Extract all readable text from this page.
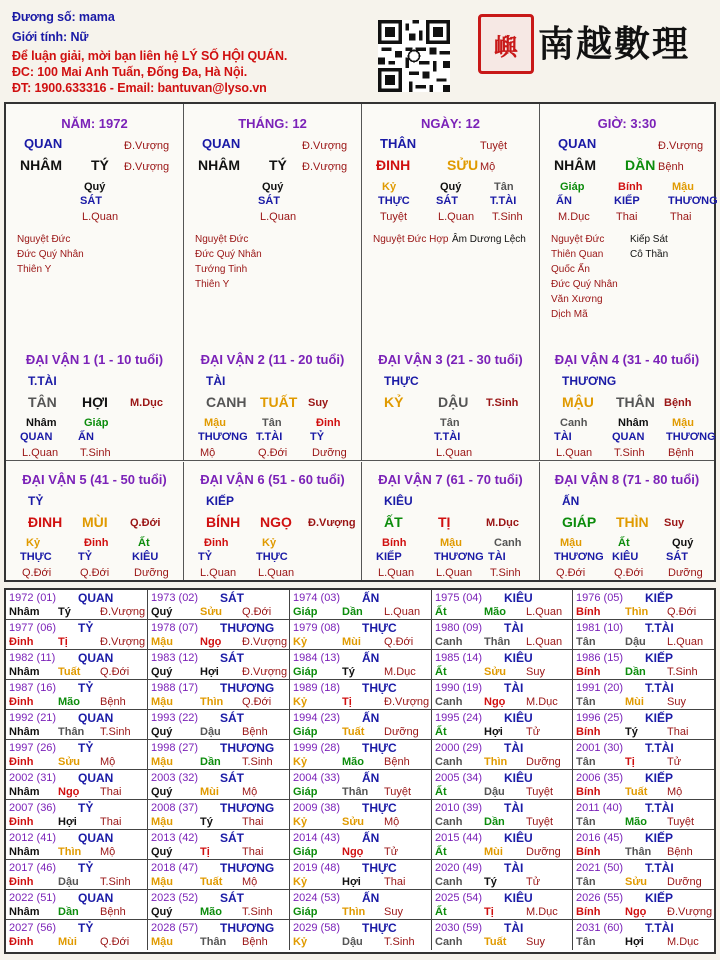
Đương số: mama
Giới tính: Nữ
Để luận giải, mời bạn liên hệ LÝ SỐ HỘI QUÁN.
ĐC: 100 Mai Anh Tuấn, Đống Đa, Hà Nội.
ĐT: 1900.633316 - Email: bantuvan@lyso.vn
嶼 南越數理
NĂM: 1972
QUAN
NHÂM
Đ.Vượng
TÝ Đ.Vượng
Quý
SÁT
L.Quan
Nguyệt Đức
Đức Quý Nhân
Thiên Y
THÁNG: 12
QUAN
NHÂM
Đ.Vượng
TÝ Đ.Vượng
Quý
SÁT
L.Quan
Nguyệt Đức
Đức Quý Nhân
Tướng Tinh
Thiên Y
NGÀY: 12
THÂN
ĐINH
Tuyệt
SỬU Mộ
Kỷ
THỰC
Tuyệt
Quý
SÁT
L.Quan
Tân
T.TÀI
T.Sinh
Nguyệt Đức Hợp Âm Dương Lệch
GIỜ: 3:30
QUAN
NHÂM
Đ.Vượng
DẦN Bệnh
Giáp
ẤN
M.Dục
Bính
KIẾP
Thai
Mậu
THƯƠNG
Thai
Nguyệt Đức
Thiên Quan
Quốc Ấn
Đức Quý Nhân
Văn Xương
Dịch Mã
Kiếp Sát
Cô Thần
ĐẠI VẬN 1 (1 - 10 tuổi)
T.TÀI
TÂN HỢI M.Dục
Nhâm
QUAN
L.Quan
Giáp
ẤN
T.Sinh
ĐẠI VẬN 2 (11 - 20 tuổi)
TÀI
CANH TUẤT Suy
Mậu
THƯƠNG
Mộ
Tân
T.TÀI
Q.Đới
Đinh
TỶ
Dưỡng
ĐẠI VẬN 3 (21 - 30 tuổi)
THỰC
KỶ DẬU T.Sinh
Tân
T.TÀI
L.Quan
ĐẠI VẬN 4 (31 - 40 tuổi)
THƯƠNG
MẬU THÂN Bệnh
Canh
TÀI
L.Quan
Nhâm
QUAN
T.Sinh
Mậu
THƯƠNG
Bệnh
ĐẠI VẬN 5 (41 - 50 tuổi)
TỶ
ĐINH MÙI Q.Đới
Kỷ
THỰC
Q.Đới
Đinh
TỶ
Q.Đới
Ất
KIÊU
Dưỡng
ĐẠI VẬN 6 (51 - 60 tuổi)
KIẾP
BÍNH NGỌ Đ.Vượng
Đinh
TỶ
L.Quan
Kỷ
THỰC
L.Quan
ĐẠI VẬN 7 (61 - 70 tuổi)
KIÊU
ẤT	TỊ	M.Dục
Bính
KIẾP
L.Quan
Mậu
THƯƠNG
L.Quan
Canh
TÀI
T.Sinh
ĐẠI VẬN 8 (71 - 80 tuổi)
ẤN
GIÁP THÌN Suy
Mậu
THƯƠNG
Q.Đới
Ất
KIÊU
Q.Đới
Quý
SÁT
Dưỡng
1972 (01) QUAN
Nhâm Tý	Đ.Vượng
1973 (02) SÁT
Quý	Sửu Q.Đới
1974 (03) ẤN
Giáp Dần L.Quan
1975 (04) KIÊU
Ất	Mão L.Quan
1976 (05) KIẾP
Bính Thìn Q.Đới
1977 (06) TỶ
Đinh Tị	Đ.Vượng
1978 (07) THƯƠNG
Mậu Ngọ Đ.Vượng
1979 (08) THỰC
Kỷ	Mùi Q.Đới
1980 (09) TÀI
Canh Thân L.Quan
1981 (10) T.TÀI
Tân	Dậu L.Quan
1982 (11) QUAN
Nhâm Tuất Q.Đới
1983 (12) SÁT
Quý	Hợi Đ.Vượng
1984 (13) ẤN
Giáp Tý	M.Dục
1985 (14) KIÊU
Ất	Sửu Suy
1986 (15) KIẾP
Bính Dần T.Sinh
1987 (16) TỶ
Đinh Mão Bệnh
1988 (17) THƯƠNG
Mậu Thìn Q.Đới
1989 (18) THỰC
Kỷ	Tị	Đ.Vượng
1990 (19) TÀI
Canh Ngọ M.Dục
1991 (20) T.TÀI
Tân	Mùi Suy
1992 (21) QUAN
Nhâm Thân T.Sinh
1993 (22) SÁT
Quý	Dậu Bệnh
1994 (23) ẤN
Giáp Tuất Dưỡng
1995 (24) KIÊU
Ất	Hợi Tử
1996 (25) KIẾP
Bính Tý	Thai
1997 (26) TỶ
Đinh Sửu Mộ
1998 (27) THƯƠNG
Mậu Dần T.Sinh
1999 (28) THỰC
Kỷ	Mão Bệnh
2000 (29) TÀI
Canh Thìn Dưỡng
2001 (30) T.TÀI
Tân	Tị	Tử
2002 (31) QUAN
Nhâm Ngọ Thai
2003 (32) SÁT
Quý	Mùi Mộ
2004 (33) ẤN
Giáp Thân Tuyệt
2005 (34) KIÊU
Ất	Dậu Tuyệt
2006 (35) KIẾP
Bính Tuất Mộ
2007 (36) TỶ
Đinh Hợi Thai
2008 (37) THƯƠNG
Mậu Tý	Thai
2009 (38) THỰC
Kỷ	Sửu Mộ
2010 (39) TÀI
Canh Dần Tuyệt
2011 (40) T.TÀI
Tân	Mão Tuyệt
2012 (41) QUAN
Nhâm Thìn Mộ
2013 (42) SÁT
Quý	Tị	Thai
2014 (43) ẤN
Giáp Ngọ Tử
2015 (44) KIÊU
Ất	Mùi Dưỡng
2016 (45) KIẾP
Bính Thân Bệnh
2017 (46) TỶ
Đinh Dậu T.Sinh
2018 (47) THƯƠNG
Mậu Tuất Mộ
2019 (48) THỰC
Kỷ	Hợi Thai
2020 (49) TÀI
Canh Tý	Tử
2021 (50) T.TÀI
Tân	Sửu Dưỡng
2022 (51) QUAN
Nhâm Dần Bệnh
2023 (52) SÁT
Quý	Mão T.Sinh
2024 (53) ẤN
Giáp Thìn Suy
2025 (54) KIÊU
Ất	Tị	M.Dục
2026 (55) KIẾP
Bính Ngọ Đ.Vượng
2027 (56) TỶ
Đinh Mùi Q.Đới
2028 (57) THƯƠNG
Mậu Thân Bệnh
2029 (58) THỰC
Kỷ	Dậu T.Sinh
2030 (59) TÀI
Canh Tuất Suy
2031 (60) T.TÀI
Tân	Hợi M.Dục
